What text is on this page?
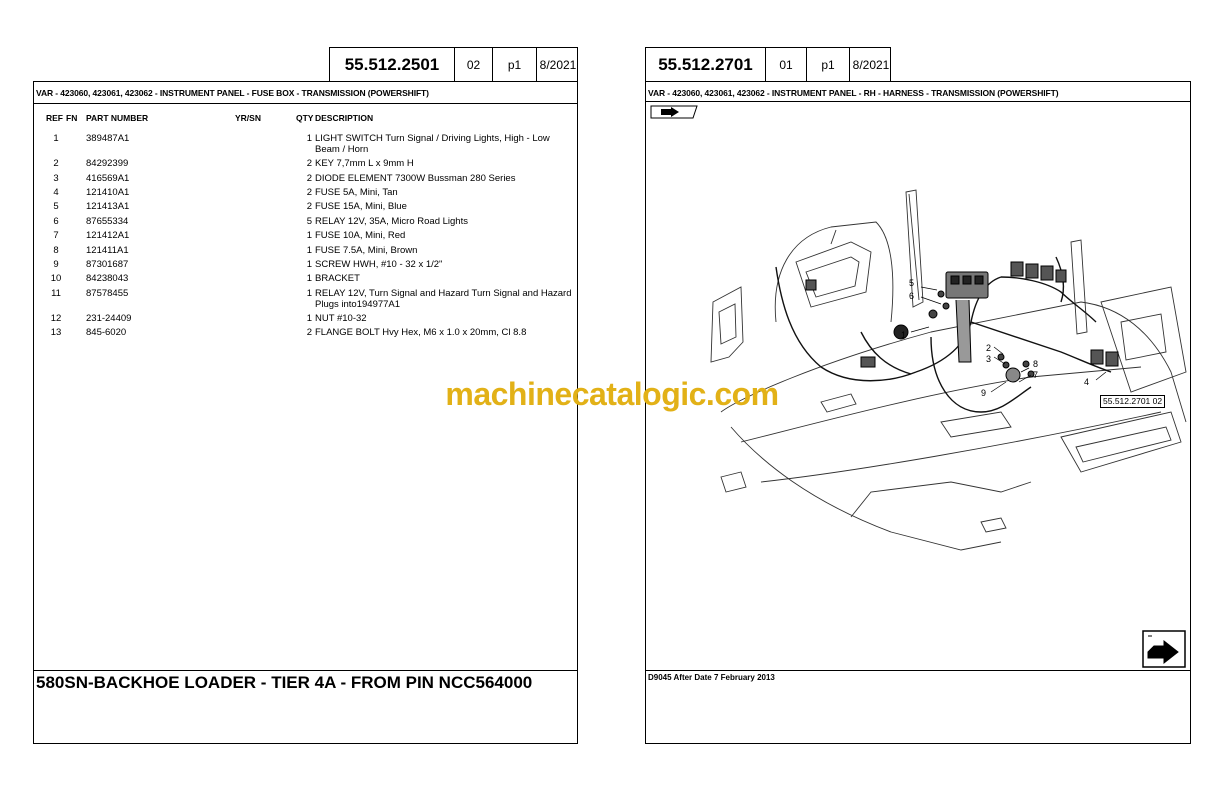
55.512.2501	02	p1	8/2021
VAR - 423060, 423061, 423062 - INSTRUMENT PANEL - FUSE BOX - TRANSMISSION (POWERSHIFT)
REF FN PART NUMBER	YR/SN	QTY DESCRIPTION
1	389487A1	1 LIGHT SWITCH Turn Signal / Driving Lights, High - Low Beam / Horn
2	84292399	2 KEY 7,7mm L x 9mm H
3	416569A1	2 DIODE ELEMENT 7300W Bussman 280 Series
4	121410A1	2 FUSE 5A, Mini, Tan
5	121413A1	2 FUSE 15A, Mini, Blue
6	87655334	5 RELAY 12V, 35A, Micro Road Lights
7	121412A1	1 FUSE 10A, Mini, Red
8	121411A1	1 FUSE 7.5A, Mini, Brown
9	87301687	1 SCREW HWH, #10 - 32 x 1/2"
10	84238043	1 BRACKET
11	87578455	1 RELAY 12V, Turn Signal and Hazard Turn Signal and Hazard Plugs into194977A1
12	231-24409	1 NUT #10-32
13	845-6020	2 FLANGE BOLT Hvy Hex, M6 x 1.0 x 20mm, Cl 8.8
580SN-BACKHOE LOADER - TIER 4A - FROM PIN NCC564000
55.512.2701	01	p1	8/2021
VAR - 423060, 423061, 423062 - INSTRUMENT PANEL - RH - HARNESS - TRANSMISSION (POWERSHIFT)
5
6
1
2
3	8
7
9
4
55.512.2701 02
D9045 After Date 7 February 2013
machinecatalogic.com
